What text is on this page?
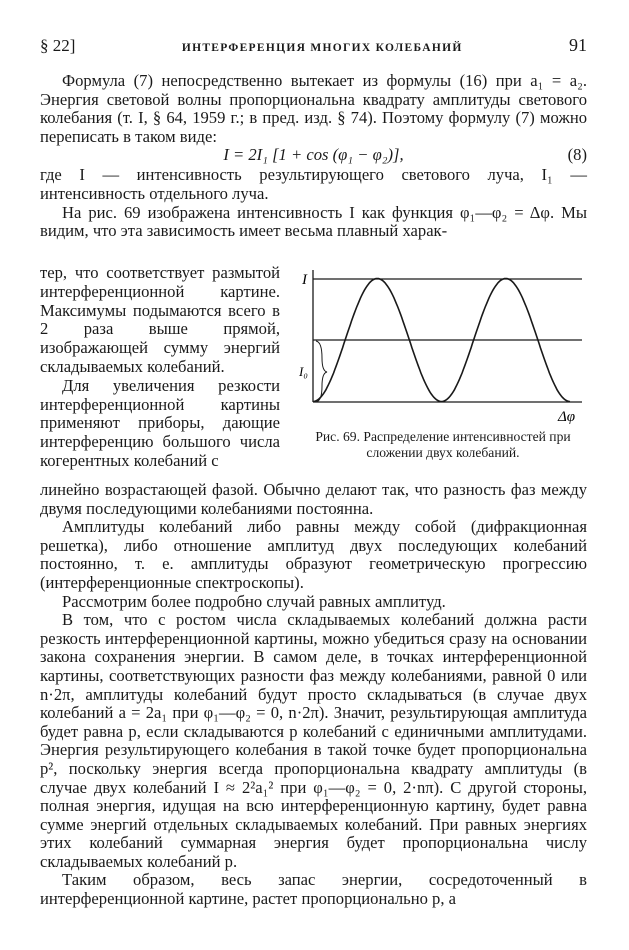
§ 22]	ИНТЕРФЕРЕНЦИЯ МНОГИХ КОЛЕБАНИЙ	91

Формула (7) непосредственно вытекает из формулы (16) при a₁ = a₂. Энергия световой волны пропорциональна квадрату амплитуды светового колебания (т. I, § 64, 1959 г.; в пред. изд. § 74). Поэтому формулу (7) можно переписать в таком виде:

I = 2I₁ [1 + cos (φ₁ − φ₂)],	(8)

где I — интенсивность результирующего светового луча, I₁ — интенсивность отдельного луча.

На рис. 69 изображена интенсивность I как функция φ₁—φ₂ = Δφ. Мы видим, что эта зависимость имеет весьма плавный харак-

тер, что соответствует размытой интерференционной картине. Максимумы подымаются всего в 2 раза выше прямой, изображающей сумму энергий складываемых колебаний.

Для увеличения резкости интерференционной картины применяют приборы, дающие интерференцию большого числа когерентных колебаний с

I
I₀
Δφ
Рис. 69. Распределение интенсивностей при сложении двух колебаний.

линейно возрастающей фазой. Обычно делают так, что разность фаз между двумя последующими колебаниями постоянна.

Амплитуды колебаний либо равны между собой (дифракционная решетка), либо отношение амплитуд двух последующих колебаний постоянно, т. е. амплитуды образуют геометрическую прогрессию (интерференционные спектроскопы).

Рассмотрим более подробно случай равных амплитуд.

В том, что с ростом числа складываемых колебаний должна расти резкость интерференционной картины, можно убедиться сразу на основании закона сохранения энергии. В самом деле, в точках интерференционной картины, соответствующих разности фаз между колебаниями, равной 0 или n·2π, амплитуды колебаний будут просто складываться (в случае двух колебаний a = 2a₁ при φ₁—φ₂ = 0, n·2π). Значит, результирующая амплитуда будет равна p, если складываются p колебаний с единичными амплитудами. Энергия результирующего колебания в такой точке будет пропорциональна p², поскольку энергия всегда пропорциональна квадрату амплитуды (в случае двух колебаний I ≈ 2²a₁² при φ₁—φ₂ = 0, 2·nπ). С другой стороны, полная энергия, идущая на всю интерференционную картину, будет равна сумме энергий отдельных складываемых колебаний. При равных энергиях этих колебаний суммарная энергия будет пропорциональна числу складываемых колебаний p.

Таким образом, весь запас энергии, сосредоточенный в интерференционной картине, растет пропорционально p, а
